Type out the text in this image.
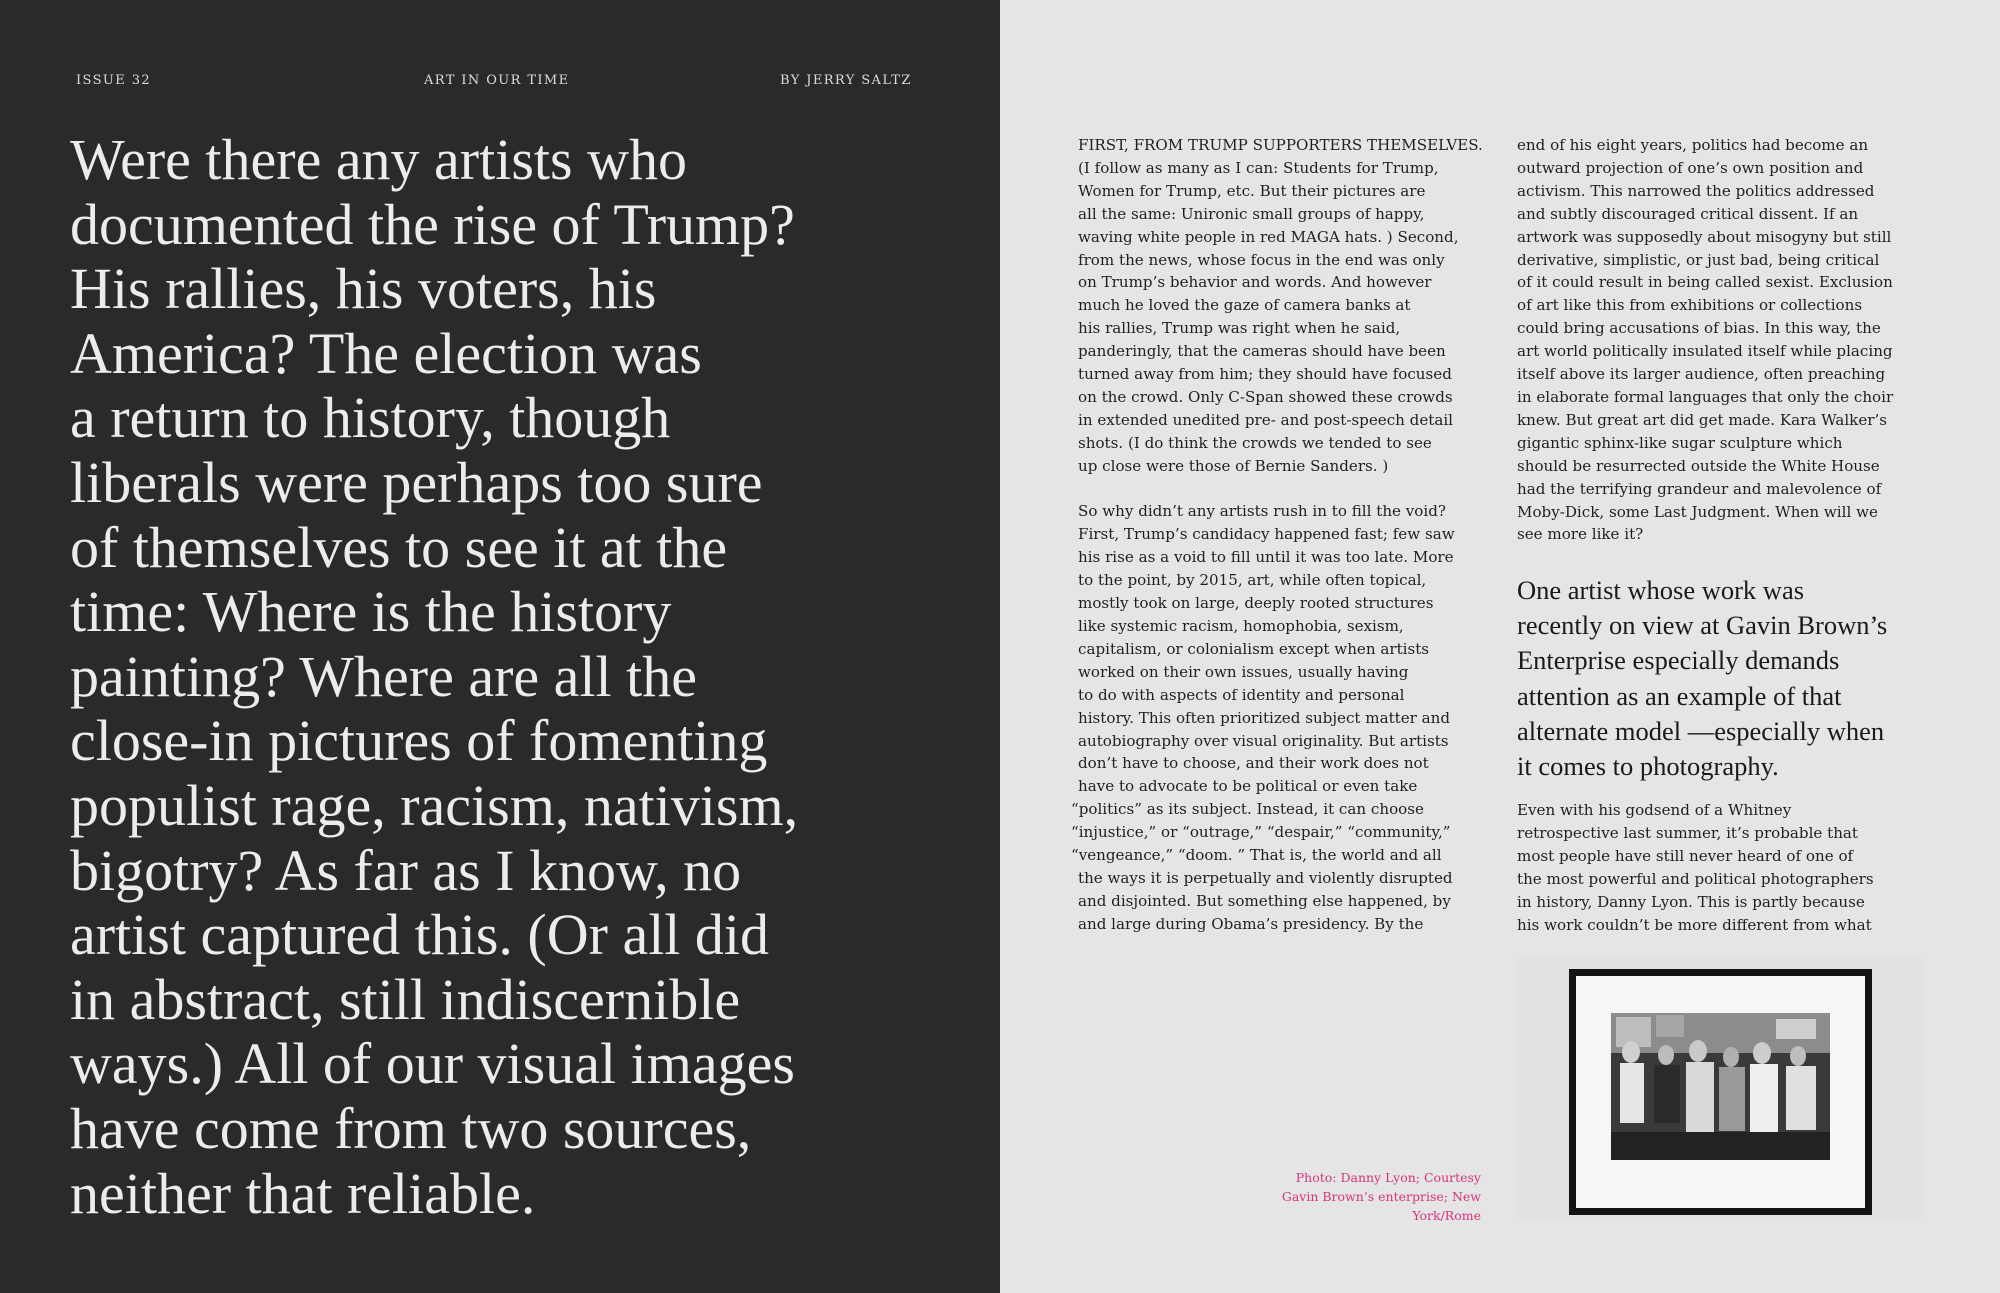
ISSUE 32	ART IN OUR TIME	BY JERRY SALTZ

Were there any artists who
documented the rise of Trump?
His rallies, his voters, his
America? The election was
a return to history, though
liberals were perhaps too sure
of themselves to see it at the
time: Where is the history
painting? Where are all the
close-in pictures of fomenting
populist rage, racism, nativism,
bigotry? As far as I know, no
artist captured this. (Or all did
in abstract, still indiscernible
ways.) All of our visual images
have come from two sources,
neither that reliable.

FIRST, FROM TRUMP SUPPORTERS THEMSELVES.
(I follow as many as I can: Students for Trump,
Women for Trump, etc. But their pictures are
all the same: Unironic small groups of happy,
waving white people in red MAGA hats. ) Second,
from the news, whose focus in the end was only
on Trump’s behavior and words. And however
much he loved the gaze of camera banks at
his rallies, Trump was right when he said,
panderingly, that the cameras should have been
turned away from him; they should have focused
on the crowd. Only C-Span showed these crowds
in extended unedited pre- and post-speech detail
shots. (I do think the crowds we tended to see
up close were those of Bernie Sanders. )
So why didn’t any artists rush in to fill the void?
First, Trump’s candidacy happened fast; few saw
his rise as a void to fill until it was too late. More
to the point, by 2015, art, while often topical,
mostly took on large, deeply rooted structures
like systemic racism, homophobia, sexism,
capitalism, or colonialism except when artists
worked on their own issues, usually having
to do with aspects of identity and personal
history. This often prioritized subject matter and
autobiography over visual originality. But artists
don’t have to choose, and their work does not
have to advocate to be political or even take
“politics” as its subject. Instead, it can choose
“injustice,” or “outrage,” “despair,” “community,”
“vengeance,” “doom. ” That is, the world and all
the ways it is perpetually and violently disrupted
and disjointed. But something else happened, by
and large during Obama’s presidency. By the
end of his eight years, politics had become an
outward projection of one’s own position and
activism. This narrowed the politics addressed
and subtly discouraged critical dissent. If an
artwork was supposedly about misogyny but still
derivative, simplistic, or just bad, being critical
of it could result in being called sexist. Exclusion
of art like this from exhibitions or collections
could bring accusations of bias. In this way, the
art world politically insulated itself while placing
itself above its larger audience, often preaching
in elaborate formal languages that only the choir
knew. But great art did get made. Kara Walker’s
gigantic sphinx-like sugar sculpture which
should be resurrected outside the White House
had the terrifying grandeur and malevolence of
Moby-Dick, some Last Judgment. When will we
see more like it?
One artist whose work was
recently on view at Gavin Brown’s
Enterprise especially demands
attention as an example of that
alternate model —especially when
it comes to photography.
Even with his godsend of a Whitney
retrospective last summer, it’s probable that
most people have still never heard of one of
the most powerful and political photographers
in history, Danny Lyon. This is partly because
his work couldn’t be more different from what
Photo: Danny Lyon; Courtesy
Gavin Brown’s enterprise; New
York/Rome
